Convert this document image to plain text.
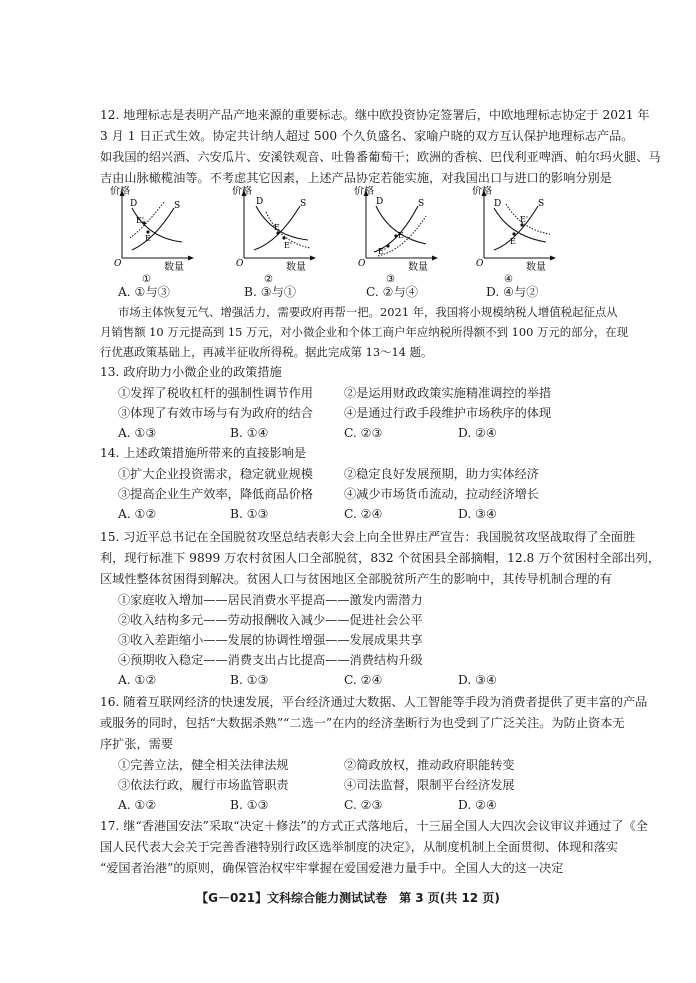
12. 地理标志是表明产品产地来源的重要标志。继中欧投资协定签署后，中欧地理标志协定于 2021 年
3 月 1 日正式生效。协定共计纳人超过 500 个久负盛名、家喻户晓的双方互认保护地理标志产品。
如我国的绍兴酒、六安瓜片、安溪铁观音、吐鲁番葡萄干；欧洲的香槟、巴伐利亚啤酒、帕尔玛火腿、马
吉由山脉橄榄油等。不考虑其它因素，上述产品协定若能实施，对我国出口与进口的影响分别是
价格
O	数量
D	S
E
E'
①
价格
O	数量
D	S
E
E'
②
价格
O	数量
D	S
E
E'
③
价格
O	数量
D	S
E
E'
④
A. ①与③	B. ③与①	C. ②与④	D. ④与②
市场主体恢复元气、增强活力，需要政府再帮一把。2021 年，我国将小规模纳税人增值税起征点从
月销售额 10 万元提高到 15 万元，对小微企业和个体工商户年应纳税所得额不到 100 万元的部分，在现
行优惠政策基础上，再减半征收所得税。据此完成第 13～14 题。
13. 政府助力小微企业的政策措施
①发挥了税收杠杆的强制性调节作用	②是运用财政政策实施精准调控的举措
③体现了有效市场与有为政府的结合	④是通过行政手段维护市场秩序的体现
A. ①③	B. ①④	C. ②③	D. ②④
14. 上述政策措施所带来的直接影响是
①扩大企业投资需求，稳定就业规模	②稳定良好发展预期，助力实体经济
③提高企业生产效率，降低商品价格	④减少市场货币流动，拉动经济增长
A. ①②	B. ①③	C. ②④	D. ③④
15. 习近平总书记在全国脱贫攻坚总结表彰大会上向全世界庄严宣告：我国脱贫攻坚战取得了全面胜
利，现行标准下 9899 万农村贫困人口全部脱贫，832 个贫困县全部摘帽，12.8 万个贫困村全部出列，
区域性整体贫困得到解决。贫困人口与贫困地区全部脱贫所产生的影响中，其传导机制合理的有
①家庭收入增加——居民消费水平提高——激发内需潜力
②收入结构多元——劳动报酬收入减少——促进社会公平
③收入差距缩小——发展的协调性增强——发展成果共享
④预期收入稳定——消费支出占比提高——消费结构升级
A. ①②	B. ①③	C. ②④	D. ③④
16. 随着互联网经济的快速发展，平台经济通过大数据、人工智能等手段为消费者提供了更丰富的产品
或服务的同时，包括“大数据杀熟”“二选一”在内的经济垄断行为也受到了广泛关注。为防止资本无
序扩张，需要
①完善立法，健全相关法律法规	②简政放权，推动政府职能转变
③依法行政，履行市场监管职责	④司法监督，限制平台经济发展
A. ①②	B. ①③	C. ②③	D. ②④
17. 继“香港国安法”采取“决定＋修法”的方式正式落地后，十三届全国人大四次会议审议并通过了《全
国人民代表大会关于完善香港特别行政区选举制度的决定》，从制度机制上全面贯彻、体现和落实
“爱国者治港”的原则，确保管治权牢牢掌握在爱国爱港力量手中。全国人大的这一决定
【G－021】文科综合能力测试试卷　第 3 页(共 12 页)
